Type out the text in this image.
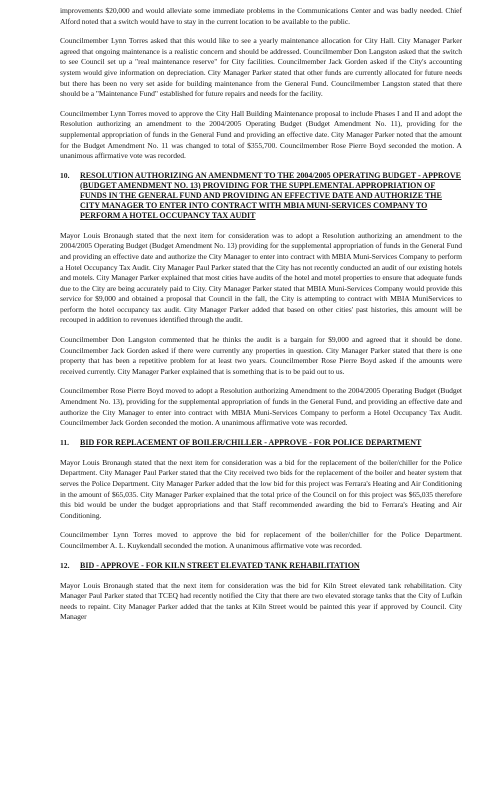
improvements $20,000 and would alleviate some immediate problems in the Communications Center and was badly needed. Chief Alford noted that a switch would have to stay in the current location to be available to the public.

Councilmember Lynn Torres asked that this would like to see a yearly maintenance allocation for City Hall. City Manager Parker agreed that ongoing maintenance is a realistic concern and should be addressed. Councilmember Don Langston asked that the switch to see Council set up a "real maintenance reserve" for City facilities. Councilmember Jack Gorden asked if the City's accounting system would give information on depreciation. City Manager Parker stated that other funds are currently allocated for future needs but there has been no very set aside for building maintenance from the General Fund. Councilmember Langston stated that there should be a "Maintenance Fund" established for future repairs and needs for the facility.

Councilmember Lynn Torres moved to approve the City Hall Building Maintenance proposal to include Phases I and II and adopt the Resolution authorizing an amendment to the 2004/2005 Operating Budget (Budget Amendment No. 11), providing for the supplemental appropriation of funds in the General Fund and providing an effective date. City Manager Parker noted that the amount for the Budget Amendment No. 11 was changed to total of $355,700. Councilmember Rose Pierre Boyd seconded the motion. A unanimous affirmative vote was recorded.

10.	RESOLUTION AUTHORIZING AN AMENDMENT TO THE 2004/2005 OPERATING BUDGET - APPROVE (BUDGET AMENDMENT NO. 13) PROVIDING FOR THE SUPPLEMENTAL APPROPRIATION OF FUNDS IN THE GENERAL FUND AND PROVIDING AN EFFECTIVE DATE AND AUTHORIZE THE CITY MANAGER TO ENTER INTO CONTRACT WITH MBIA MUNI-SERVICES COMPANY TO PERFORM A HOTEL OCCUPANCY TAX AUDIT

Mayor Louis Bronaugh stated that the next item for consideration was to adopt a Resolution authorizing an amendment to the 2004/2005 Operating Budget (Budget Amendment No. 13) providing for the supplemental appropriation of funds in the General Fund and providing an effective date and authorize the City Manager to enter into contract with MBIA Muni-Services Company to perform a Hotel Occupancy Tax Audit. City Manager Paul Parker stated that the City has not recently conducted an audit of our existing hotels and motels. City Manager Parker explained that most cities have audits of the hotel and motel properties to ensure that adequate funds due to the City are being accurately paid to City. City Manager Parker stated that MBIA Muni-Services Company would provide this service for $9,000 and obtained a proposal that Council in the fall, the City is attempting to contract with MBIA MuniServices to perform the hotel occupancy tax audit. City Manager Parker added that based on other cities' past histories, this amount will be recouped in addition to revenues identified through the audit.

Councilmember Don Langston commented that he thinks the audit is a bargain for $9,000 and agreed that it should be done. Councilmember Jack Gorden asked if there were currently any properties in question. City Manager Parker stated that there is one property that has been a repetitive problem for at least two years. Councilmember Rose Pierre Boyd asked if the amounts were received currently. City Manager Parker explained that is something that is to be paid out to us.

Councilmember Rose Pierre Boyd moved to adopt a Resolution authorizing Amendment to the 2004/2005 Operating Budget (Budget Amendment No. 13), providing for the supplemental appropriation of funds in the General Fund, and providing an effective date and authorize the City Manager to enter into contract with MBIA Muni-Services Company to perform a Hotel Occupancy Tax Audit. Councilmember Jack Gorden seconded the motion. A unanimous affirmative vote was recorded.

11.	BID FOR REPLACEMENT OF BOILER/CHILLER - APPROVE - FOR POLICE DEPARTMENT

Mayor Louis Bronaugh stated that the next item for consideration was a bid for the replacement of the boiler/chiller for the Police Department. City Manager Paul Parker stated that the City received two bids for the replacement of the boiler and heater system that serves the Police Department. City Manager Parker added that the low bid for this project was Ferrara's Heating and Air Conditioning in the amount of $65,035. City Manager Parker explained that the total price of the Council on for this project was $65,035 therefore this bid would be under the budget appropriations and that Staff recommended awarding the bid to Ferrara's Heating and Air Conditioning.

Councilmember Lynn Torres moved to approve the bid for replacement of the boiler/chiller for the Police Department. Councilmember A. L. Kuykendall seconded the motion. A unanimous affirmative vote was recorded.

12.	BID - APPROVE - FOR KILN STREET ELEVATED TANK REHABILITATION

Mayor Louis Bronaugh stated that the next item for consideration was the bid for Kiln Street elevated tank rehabilitation. City Manager Paul Parker stated that TCEQ had recently notified the City that there are two elevated storage tanks that the City of Lufkin needs to repaint. City Manager Parker added that the tanks at Kiln Street would be painted this year if approved by Council. City Manager
